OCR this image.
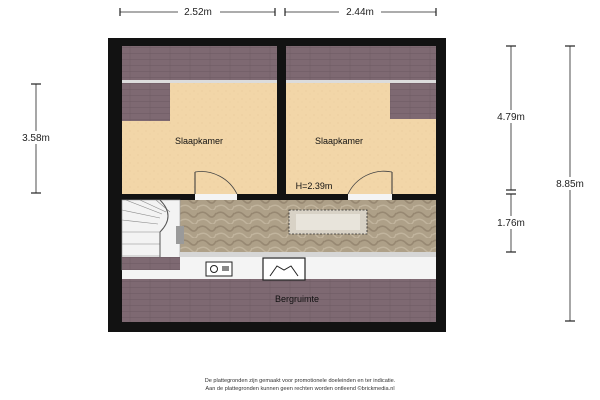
2.52m	2.44m
3.58m
4.79m
1.76m
8.85m
Slaapkamer	Slaapkamer
H=2.39m
Bergruimte
De plattegronden zijn gemaakt voor promotionele doeleinden en ter indicatie.
Aan de plattegronden kunnen geen rechten worden ontleend ©brickmedia.nl
